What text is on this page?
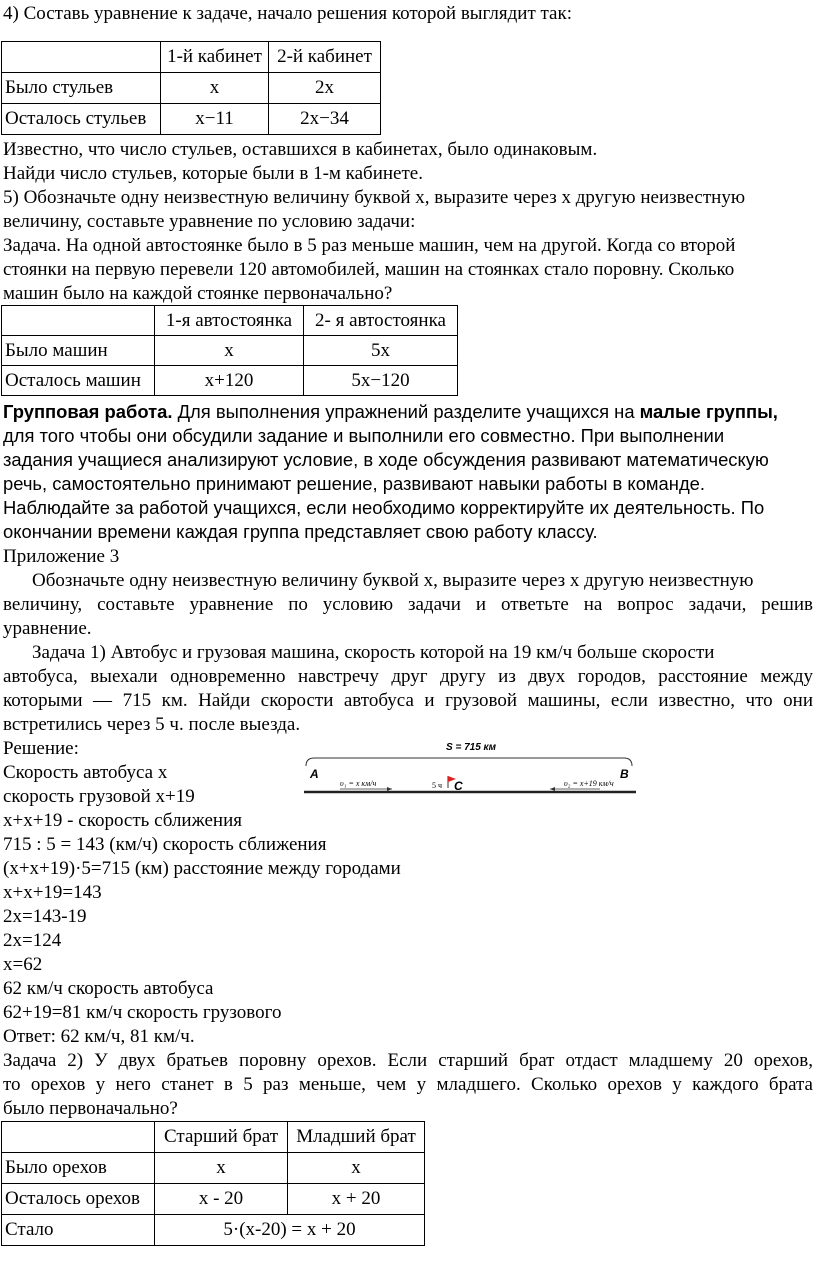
4) Составь уравнение к задаче, начало решения которой выглядит так:
	1-й кабинет	2-й кабинет
Было стульев	x	2x
Осталось стульев	x−11	2x−34
Известно, что число стульев, оставшихся в кабинетах, было одинаковым.
Найди число стульев, которые были в 1-м кабинете.
5) Обозначьте одну неизвестную величину буквой x, выразите через x другую неизвестную
величину, составьте уравнение по условию задачи:
Задача. На одной автостоянке было в 5 раз меньше машин, чем на другой. Когда со второй
стоянки на первую перевели 120 автомобилей, машин на стоянках стало поровну. Сколько
машин было на каждой стоянке первоначально?
	1-я автостоянка	2- я автостоянка
Было машин	x	5x
Осталось машин	x+120	5x−120
Групповая работа. Для выполнения упражнений разделите учащихся на малые группы,
для того чтобы они обсудили задание и выполнили его совместно. При выполнении
задания учащиеся анализируют условие, в ходе обсуждения развивают математическую
речь, самостоятельно принимают решение, развивают навыки работы в команде.
Наблюдайте за работой учащихся, если необходимо корректируйте их деятельность. По
окончании времени каждая группа представляет свою работу классу.
Приложение 3
Обозначьте одну неизвестную величину буквой x, выразите через x другую неизвестную
величину, составьте уравнение по условию задачи и ответьте на вопрос задачи, решив
уравнение.
Задача 1) Автобус и грузовая машина, скорость которой на 19 км/ч больше скорости
автобуса, выехали одновременно навстречу друг другу из двух городов, расстояние между
которыми — 715 км. Найди скорости автобуса и грузовой машины, если известно, что они
встретились через 5 ч. после выезда.
Решение:
Скорость автобуса x
скорость грузовой x+19
x+x+19 - скорость сближения
715 : 5 = 143 (км/ч) скорость сближения
(x+x+19)·5=715 (км) расстояние между городами
x+x+19=143
2x=143-19
2x=124
x=62
62 км/ч скорость автобуса
62+19=81 км/ч скорость грузового
Ответ: 62 км/ч, 81 км/ч.
S = 715 км
A	B
C
5 ч
υ₁ = x км/ч	υ₂ = x+19 км/ч
Задача 2) У двух братьев поровну орехов. Если старший брат отдаст младшему 20 орехов,
то орехов у него станет в 5 раз меньше, чем у младшего. Сколько орехов у каждого брата
было первоначально?
	Старший брат	Младший брат
Было орехов	x	x
Осталось орехов	x - 20	x + 20
Стало	5·(x-20) = x + 20	
